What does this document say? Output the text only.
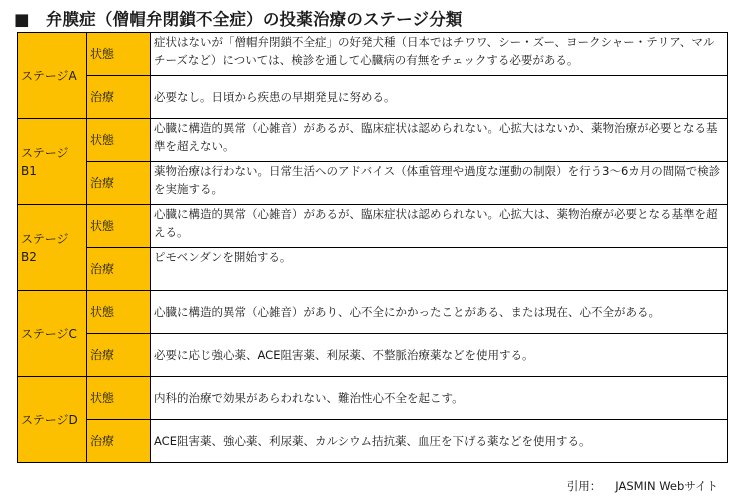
■ 弁膜症（僧帽弁閉鎖不全症）の投薬治療のステージ分類
ステージA	状態	症状はないが「僧帽弁閉鎖不全症」の好発犬種（日本ではチワワ、シー・ズー、ヨークシャー・テリア、マルチーズなど）については、検診を通して心臓病の有無をチェックする必要がある。
	治療	必要なし。日頃から疾患の早期発見に努める。
ステージB1	状態	心臓に構造的異常（心雑音）があるが、臨床症状は認められない。心拡大はないか、薬物治療が必要となる基準を超えない。
	治療	薬物治療は行わない。日常生活へのアドバイス（体重管理や過度な運動の制限）を行う3～6カ月の間隔で検診を実施する。
ステージB2	状態	心臓に構造的異常（心雑音）があるが、臨床症状は認められない。心拡大は、薬物治療が必要となる基準を超える。
	治療	ピモベンダンを開始する。
ステージC	状態	心臓に構造的異常（心雑音）があり、心不全にかかったことがある、または現在、心不全がある。
	治療	必要に応じ強心薬、ACE阻害薬、利尿薬、不整脈治療薬などを使用する。
ステージD	状態	内科的治療で効果があらわれない、難治性心不全を起こす。
	治療	ACE阻害薬、強心薬、利尿薬、カルシウム拮抗薬、血圧を下げる薬などを使用する。
引用： JASMIN Webサイト
